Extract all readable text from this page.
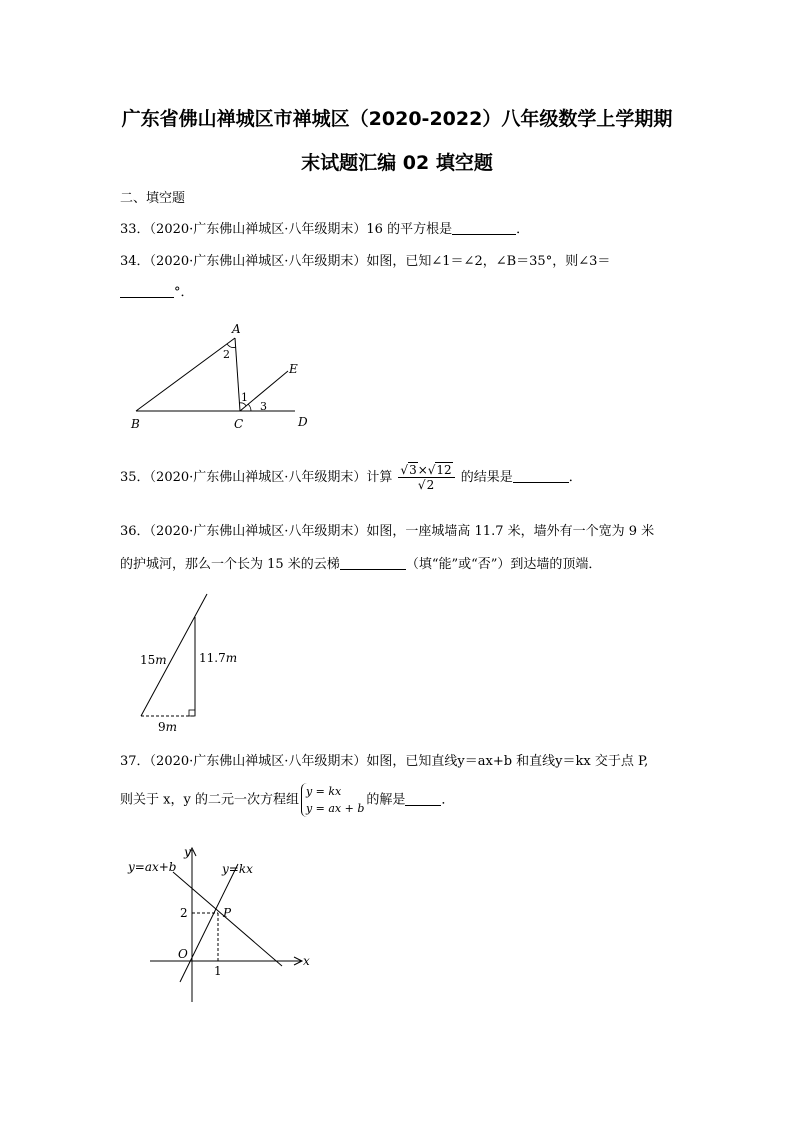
广东省佛山禅城区市禅城区（2020-2022）八年级数学上学期期
末试题汇编 02 填空题
二、填空题
33．（2020·广东佛山禅城区·八年级期末）16 的平方根是	．
34．（2020·广东佛山禅城区·八年级期末）如图，已知∠1＝∠2，∠B＝35°，则∠3＝
°．
A
B	C	D
E
1
2
3
35．（2020·广东佛山禅城区·八年级期末）计算 $\frac{√3\times√12}{√2}$ 的结果是	．
36．（2020·广东佛山禅城区·八年级期末）如图，一座城墙高 11.7 米，墙外有一个宽为 9 米
的护城河，那么一个长为 15 米的云梯	（填“能”或“否”）到达墙的顶端．
15m	11.7m
9m
37．（2020·广东佛山禅城区·八年级期末）如图，已知直线y＝ax+b 和直线y＝kx 交于点 P,
则关于 x，y 的二元一次方程组
y = kx
y = ax + b
的解是	．
y=ax+b	y=kx
y
x
O
P
2
1
